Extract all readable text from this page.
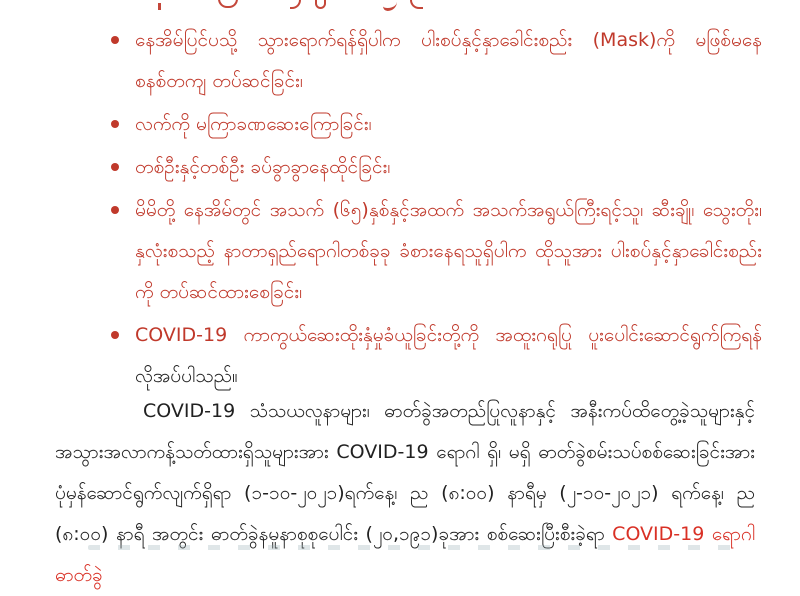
နေအိမ်ပြင်ပသို့ သွားရောက်ရန်ရှိပါက ပါးစပ်နှင့်နှာခေါင်းစည်း (Mask)ကို မဖြစ်မနေ စနစ်တကျ တပ်ဆင်ခြင်း၊
လက်ကို မကြာခဏဆေးကြောခြင်း၊
တစ်ဦးနှင့်တစ်ဦး ခပ်ခွာခွာနေထိုင်ခြင်း၊
မိမိတို့ နေအိမ်တွင် အသက် (၆၅)နှစ်နှင့်အထက် အသက်အရွယ်ကြီးရင့်သူ၊ ဆီးချို၊ သွေးတိုး၊ နှလုံးစသည့် နာတာရှည်ရောဂါတစ်ခုခု ခံစားနေရသူရှိပါက ထိုသူအား ပါးစပ်နှင့်နှာခေါင်းစည်း ကို တပ်ဆင်ထားစေခြင်း၊
COVID-19 ကာကွယ်ဆေးထိုးနှံမှုခံယူခြင်းတို့ကို အထူးဂရုပြု ပူးပေါင်းဆောင်ရွက်ကြရန် လိုအပ်ပါသည်။

COVID-19 သံသယလူနာများ၊ ဓာတ်ခွဲအတည်ပြုလူနာနှင့် အနီးကပ်ထိတွေ့ခဲ့သူများနှင့် အသွားအလာကန့်သတ်ထားရှိသူများအား COVID-19 ရောဂါ ရှိ၊ မရှိ ဓာတ်ခွဲစမ်းသပ်စစ်ဆေးခြင်းအား ပုံမှန်ဆောင်ရွက်လျက်ရှိရာ (၁-၁၀-၂၀၂၁)ရက်နေ့၊ ည (၈:၀၀) နာရီမှ (၂-၁၀-၂၀၂၁) ရက်နေ့၊ ည (၈:၀၀) နာရီ အတွင်း ဓာတ်ခွဲနမူနာစုစုပေါင်း (၂၀,၁၉၁)ခုအား စစ်ဆေးပြီးစီးခဲ့ရာ COVID-19 ရောဂါ ဓာတ်ခွဲ
